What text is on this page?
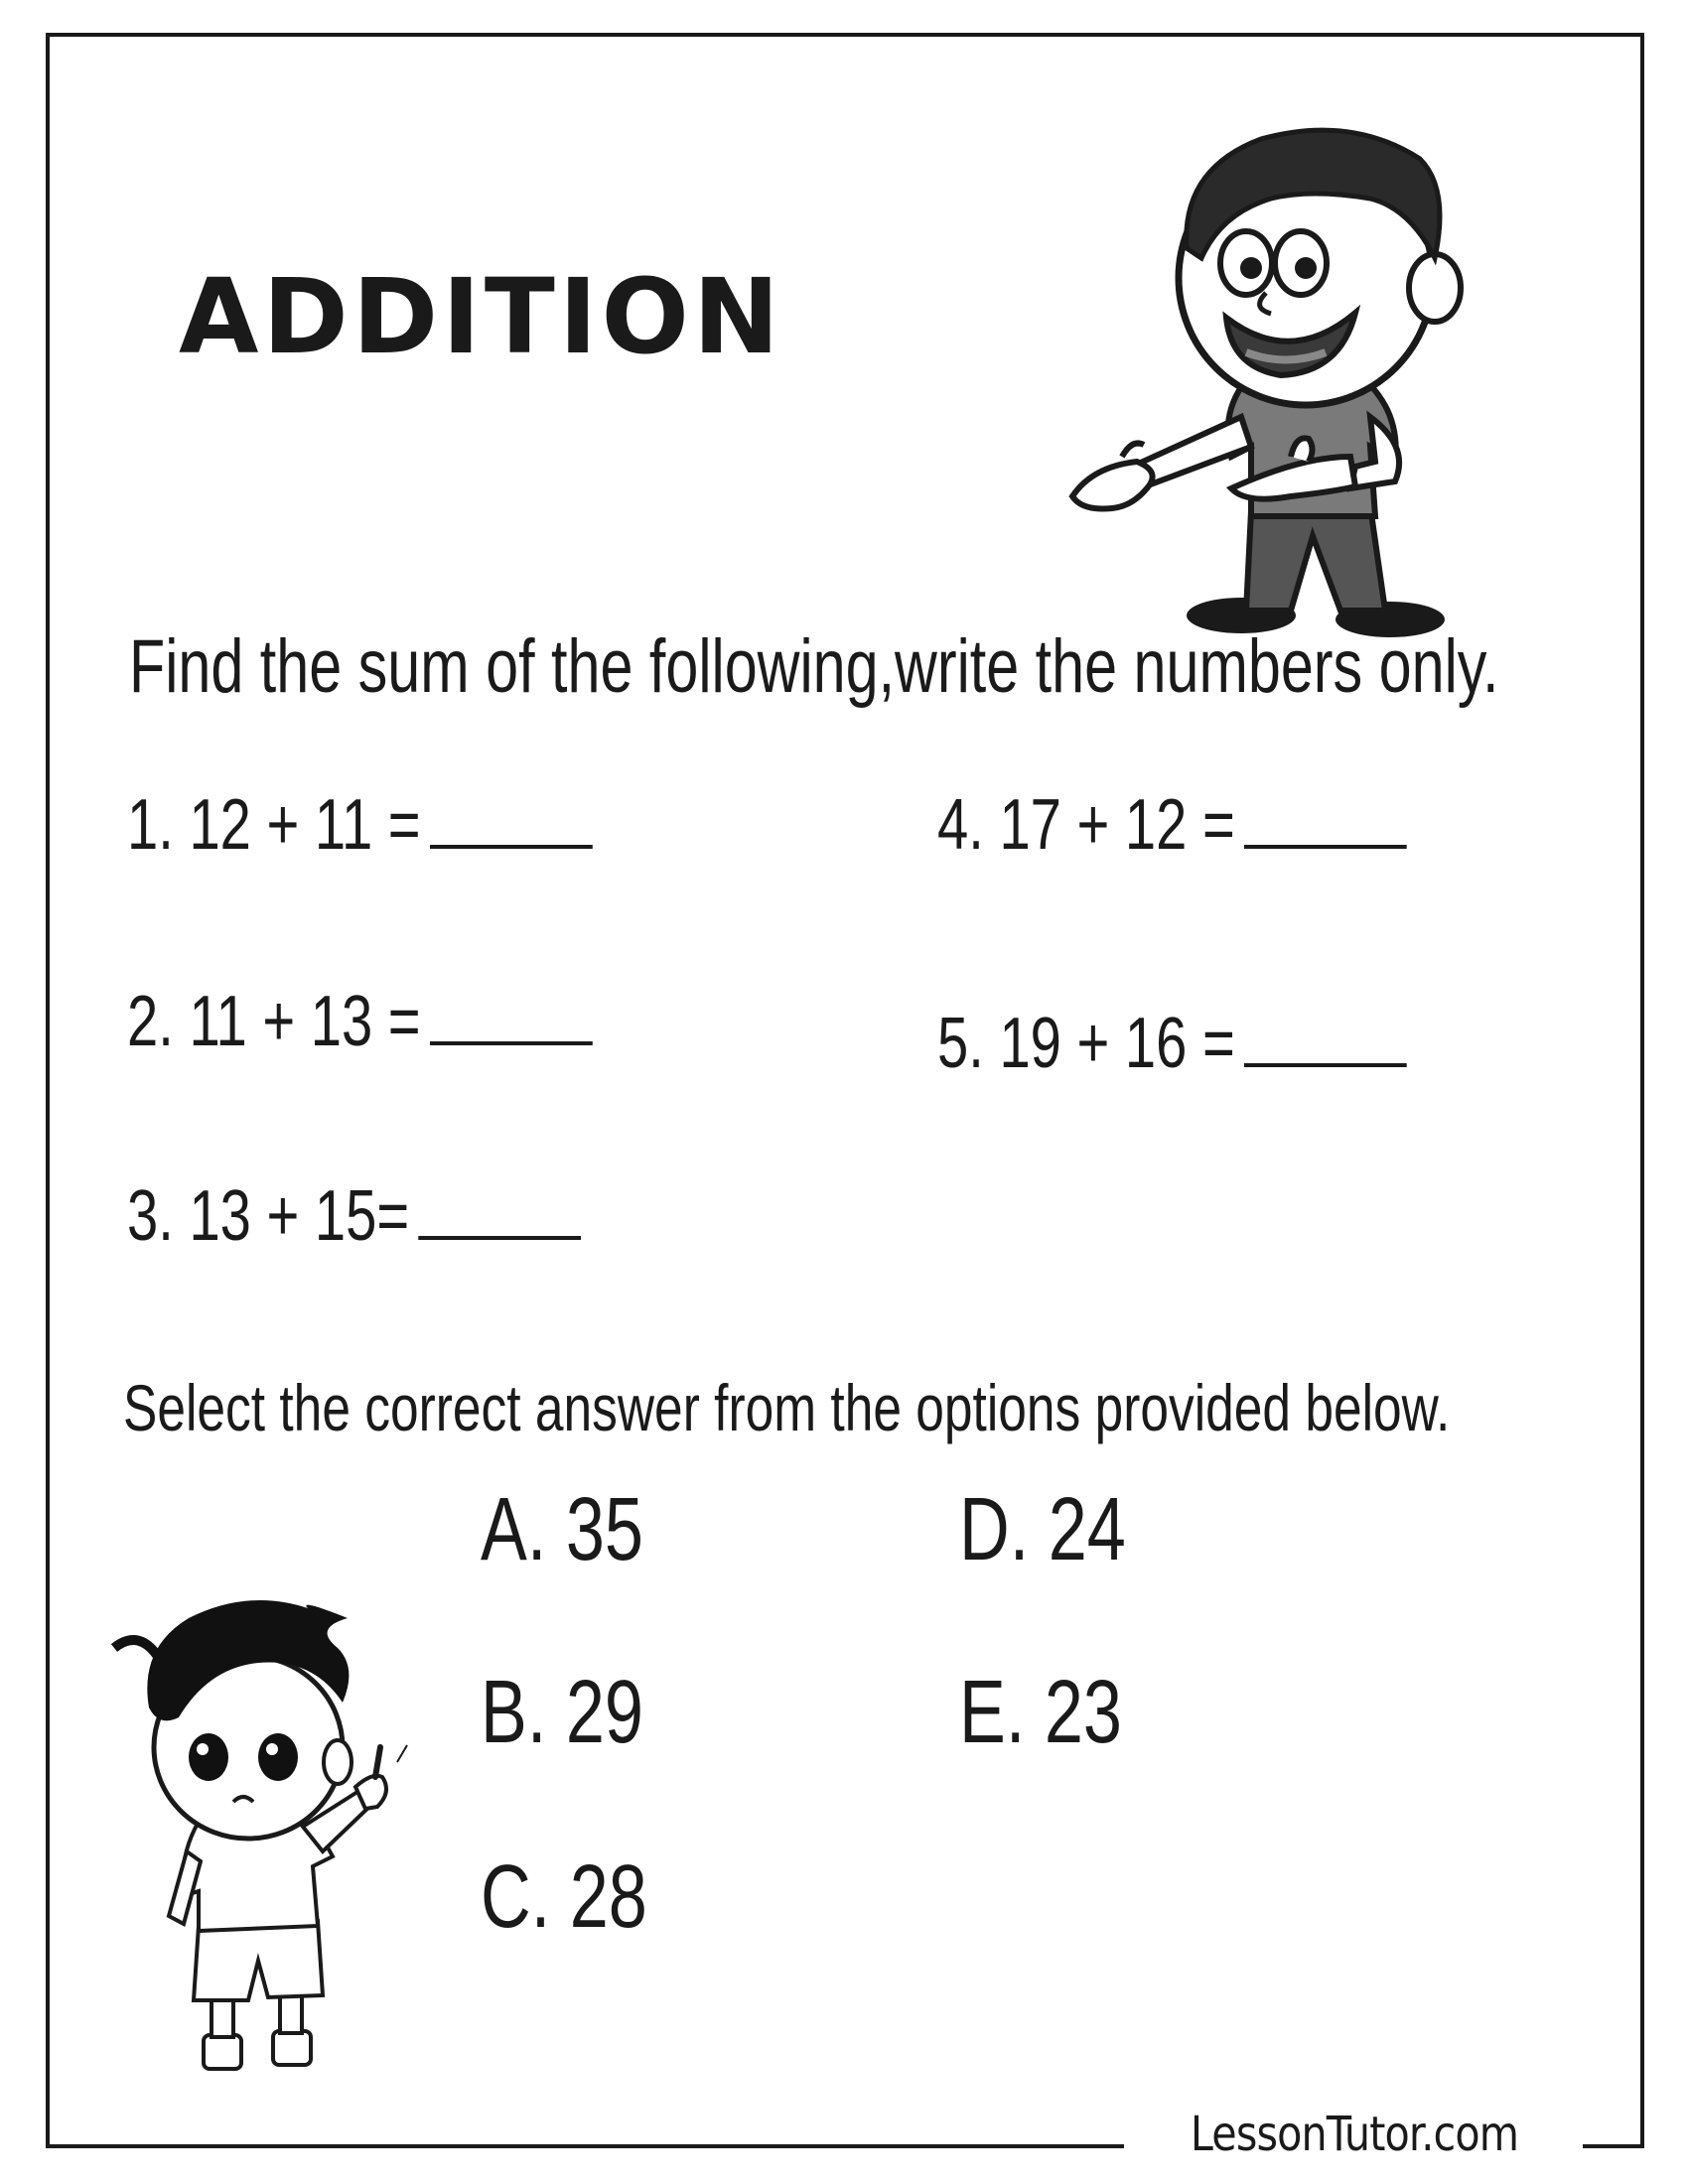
ADDITION
Find the sum of the following,write the numbers only.
1. 12 + 11 =
2. 11 + 13 =
3. 13 + 15=
4. 17 + 12 =
5. 19 + 16 =
Select the correct answer from the options provided below.
A. 35
B. 29
C. 28
D. 24
E. 23
LessonTutor.com
